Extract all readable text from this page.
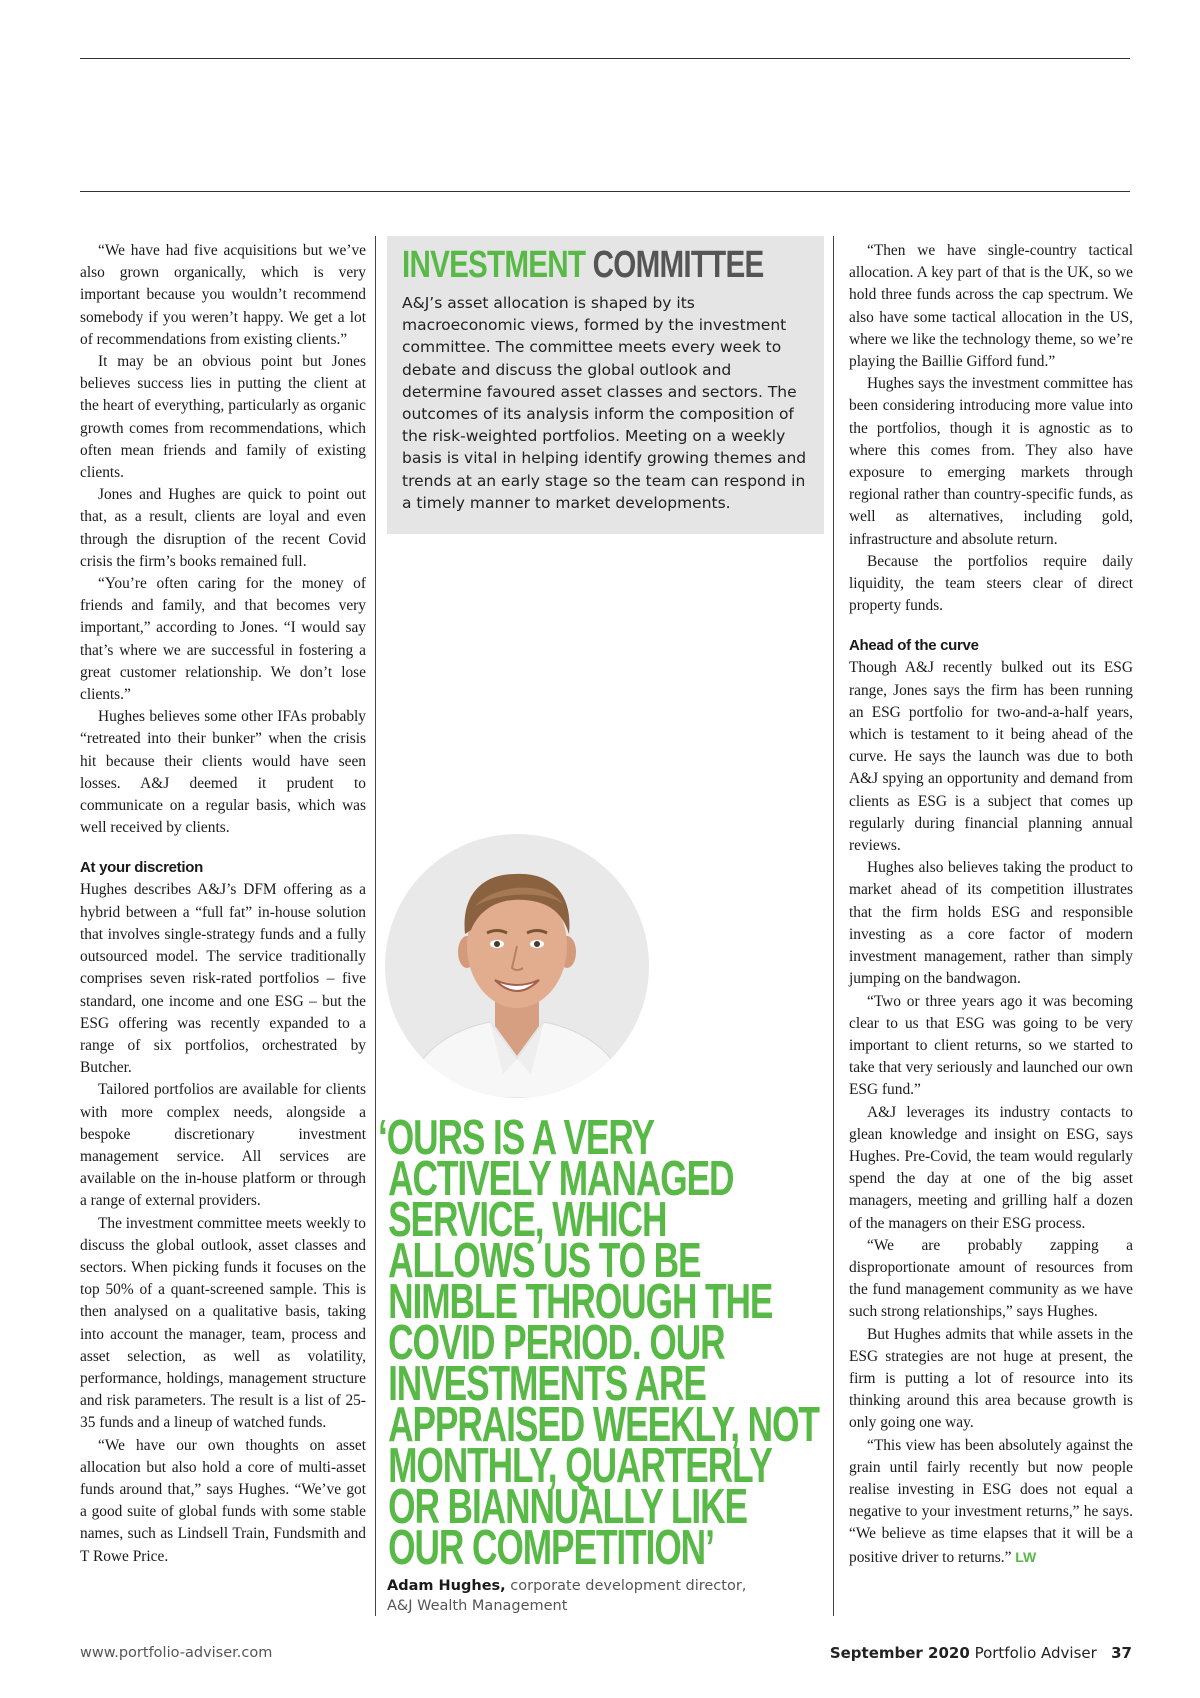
“We have had five acquisitions but we’ve also grown organically, which is very important because you wouldn’t recommend somebody if you weren’t happy. We get a lot of recommendations from existing clients.”

It may be an obvious point but Jones believes success lies in putting the client at the heart of everything, particularly as organic growth comes from recommendations, which often mean friends and family of existing clients.

Jones and Hughes are quick to point out that, as a result, clients are loyal and even through the disruption of the recent Covid crisis the firm’s books remained full.

“You’re often caring for the money of friends and family, and that becomes very important,” according to Jones. “I would say that’s where we are successful in fostering a great customer relationship. We don’t lose clients.”

Hughes believes some other IFAs probably “retreated into their bunker” when the crisis hit because their clients would have seen losses. A&J deemed it prudent to communicate on a regular basis, which was well received by clients.

At your discretion

Hughes describes A&J’s DFM offering as a hybrid between a “full fat” in-house solution that involves single-strategy funds and a fully outsourced model. The service traditionally comprises seven risk-rated portfolios – five standard, one income and one ESG – but the ESG offering was recently expanded to a range of six portfolios, orchestrated by Butcher.

Tailored portfolios are available for clients with more complex needs, alongside a bespoke discretionary investment management service. All services are available on the in-house platform or through a range of external providers.

The investment committee meets weekly to discuss the global outlook, asset classes and sectors. When picking funds it focuses on the top 50% of a quant-screened sample. This is then analysed on a qualitative basis, taking into account the manager, team, process and asset selection, as well as volatility, performance, holdings, management structure and risk parameters. The result is a list of 25-35 funds and a lineup of watched funds.

“We have our own thoughts on asset allocation but also hold a core of multi-asset funds around that,” says Hughes. “We’ve got a good suite of global funds with some stable names, such as Lindsell Train, Fundsmith and T Rowe Price.

INVESTMENT COMMITTEE
A&J’s asset allocation is shaped by its macroeconomic views, formed by the investment committee. The committee meets every week to debate and discuss the global outlook and determine favoured asset classes and sectors. The outcomes of its analysis inform the composition of the risk-weighted portfolios. Meeting on a weekly basis is vital in helping identify growing themes and trends at an early stage so the team can respond in a timely manner to market developments.
‘OURS IS A VERY
ACTIVELY MANAGED
SERVICE, WHICH
ALLOWS US TO BE
NIMBLE THROUGH THE
COVID PERIOD. OUR
INVESTMENTS ARE
APPRAISED WEEKLY, NOT
MONTHLY, QUARTERLY
OR BIANNUALLY LIKE
OUR COMPETITION’
Adam Hughes, corporate development director, A&J Wealth Management

“Then we have single-country tactical allocation. A key part of that is the UK, so we hold three funds across the cap spectrum. We also have some tactical allocation in the US, where we like the technology theme, so we’re playing the Baillie Gifford fund.”

Hughes says the investment committee has been considering introducing more value into the portfolios, though it is agnostic as to where this comes from. They also have exposure to emerging markets through regional rather than country-specific funds, as well as alternatives, including gold, infrastructure and absolute return.

Because the portfolios require daily liquidity, the team steers clear of direct property funds.

Ahead of the curve

Though A&J recently bulked out its ESG range, Jones says the firm has been running an ESG portfolio for two-and-a-half years, which is testament to it being ahead of the curve. He says the launch was due to both A&J spying an opportunity and demand from clients as ESG is a subject that comes up regularly during financial planning annual reviews.

Hughes also believes taking the product to market ahead of its competition illustrates that the firm holds ESG and responsible investing as a core factor of modern investment management, rather than simply jumping on the bandwagon.

“Two or three years ago it was becoming clear to us that ESG was going to be very important to client returns, so we started to take that very seriously and launched our own ESG fund.”

A&J leverages its industry contacts to glean knowledge and insight on ESG, says Hughes. Pre-Covid, the team would regularly spend the day at one of the big asset managers, meeting and grilling half a dozen of the managers on their ESG process.

“We are probably zapping a disproportionate amount of resources from the fund management community as we have such strong relationships,” says Hughes.

But Hughes admits that while assets in the ESG strategies are not huge at present, the firm is putting a lot of resource into its thinking around this area because growth is only going one way.

“This view has been absolutely against the grain until fairly recently but now people realise investing in ESG does not equal a negative to your investment returns,” he says. “We believe as time elapses that it will be a positive driver to returns.” LW

www.portfolio-adviser.com	September 2020 Portfolio Adviser 37
